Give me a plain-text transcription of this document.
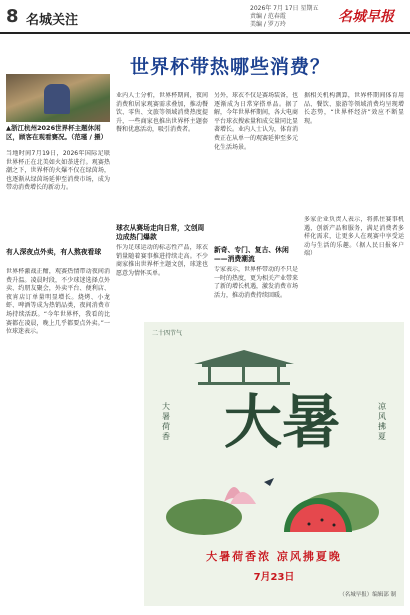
8 名城关注
2026年 7月 17日 星期五
责编 / 范春霞
美编 / 罗万玲	名城早报
世界杯带热哪些消费？
▲浙江杭州2026世界杯主题休闲区，顾客在观看赛况。（范瑾 / 摄）
当地时间7月19日，2026年国际足联世界杯正在北美如火如荼进行。观赛热潮之下，世界杯的火爆不仅在绿茵场，也逐渐从绿茵场延伸至消费市场，成为带动消费增长的新动力。
有人深夜点外卖，有人熬夜看球
世界杯激战正酣，观赛热情带动夜间消费升温。凌晨时段，不少球迷选择点外卖、约朋友聚会，外卖平台、便利店、夜宵店订单量明显增长。烧烤、小龙虾、啤酒等成为热销品类，夜间消费市场持续活跃。“今年世界杯，我看的比赛都在凌晨，晚上几乎都要点外卖。”一位球迷表示。
业内人士分析，世界杯期间，夜间消费和居家观赛需求叠加，推动餐饮、零售、文旅等领域消费热度提升，一些商家也推出世界杯主题套餐和优惠活动，吸引消费者。
球衣从赛场走向日常，文创周边成热门爆款
作为足球运动的标志性产品，球衣销量随着赛事推进持续走高。不少商家推出世界杯主题文创，球迷也愿意为情怀买单。
另外，球衣不仅是赛场装备，也逐渐成为日常穿搭单品。据了解，今年世界杯期间，各大电商平台球衣搜索量和成交量同比显著增长。业内人士认为，体育消费正在从单一的观赛延伸至多元化生活场景。
新奇、专门、复古、休闲——消费潮流
专家表示，世界杯带动的不只是一时的热度，更为相关产业带来了新的增长机遇，激发消费市场活力，推动消费持续回暖。
据相关机构测算，世界杯期间体育用品、餐饮、旅游等领域消费均呈现增长态势，“世界杯经济”效应不断显现。
多家企业负责人表示，将抓住赛事机遇，创新产品和服务，满足消费者多样化需求，让更多人在观赛中享受运动与生活的乐趣。（据人民日报客户端）
二十四节气
大暑荷香
凉风拂夏
大暑
大暑荷香浓 凉风拂夏晚
7月23日
（名城早报）编辑部 制
